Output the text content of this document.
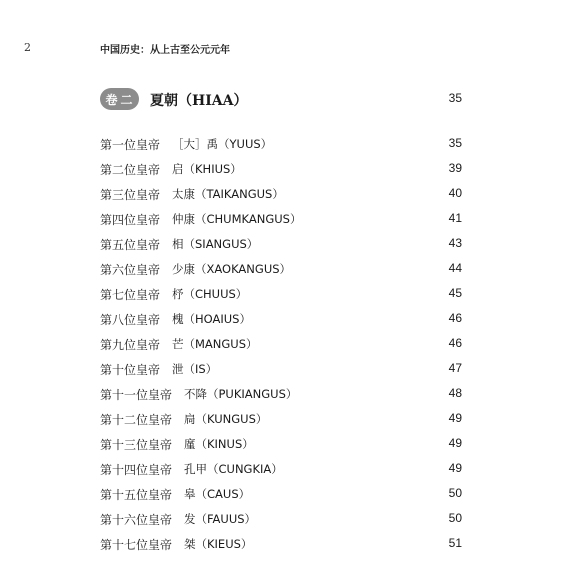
2	中国历史：从上古至公元元年
卷二 夏朝（HIAA）	35
第一位皇帝 ［大］禹（YUUS）	35
第二位皇帝 启（KHIUS）	39
第三位皇帝 太康（TAIKANGUS）	40
第四位皇帝 仲康（CHUMKANGUS）	41
第五位皇帝 相（SIANGUS）	43
第六位皇帝 少康（XAOKANGUS）	44
第七位皇帝 杼（CHUUS）	45
第八位皇帝 槐（HOAIUS）	46
第九位皇帝 芒（MANGUS）	46
第十位皇帝 泄（IS）	47
第十一位皇帝 不降（PUKIANGUS）	48
第十二位皇帝 扃（KUNGUS）	49
第十三位皇帝 廑（KINUS）	49
第十四位皇帝 孔甲（CUNGKIA）	49
第十五位皇帝 皋（CAUS）	50
第十六位皇帝 发（FAUUS）	50
第十七位皇帝 桀（KIEUS）	51
